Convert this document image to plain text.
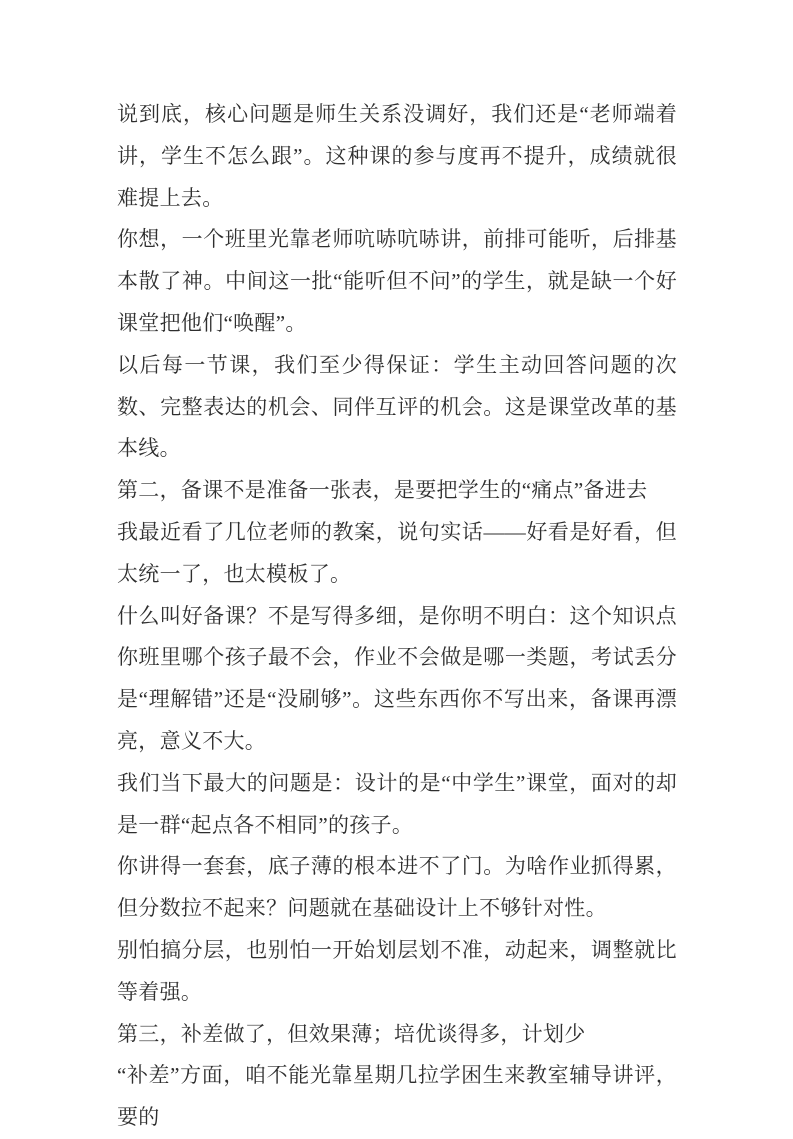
说到底，核心问题是师生关系没调好，我们还是“老师端着讲，学生不怎么跟”。这种课的参与度再不提升，成绩就很难提上去。

你想，一个班里光靠老师吭哧吭哧讲，前排可能听，后排基本散了神。中间这一批“能听但不问”的学生，就是缺一个好课堂把他们“唤醒”。

以后每一节课，我们至少得保证：学生主动回答问题的次数、完整表达的机会、同伴互评的机会。这是课堂改革的基本线。

第二，备课不是准备一张表，是要把学生的“痛点”备进去

我最近看了几位老师的教案，说句实话——好看是好看，但太统一了，也太模板了。

什么叫好备课？不是写得多细，是你明不明白：这个知识点你班里哪个孩子最不会，作业不会做是哪一类题，考试丢分是“理解错”还是“没刷够”。这些东西你不写出来，备课再漂亮，意义不大。

我们当下最大的问题是：设计的是“中学生”课堂，面对的却是一群“起点各不相同”的孩子。

你讲得一套套，底子薄的根本进不了门。为啥作业抓得累，但分数拉不起来？问题就在基础设计上不够针对性。

别怕搞分层，也别怕一开始划层划不准，动起来，调整就比等着强。

第三，补差做了，但效果薄；培优谈得多，计划少

“补差”方面，咱不能光靠星期几拉学困生来教室辅导讲评，要的
